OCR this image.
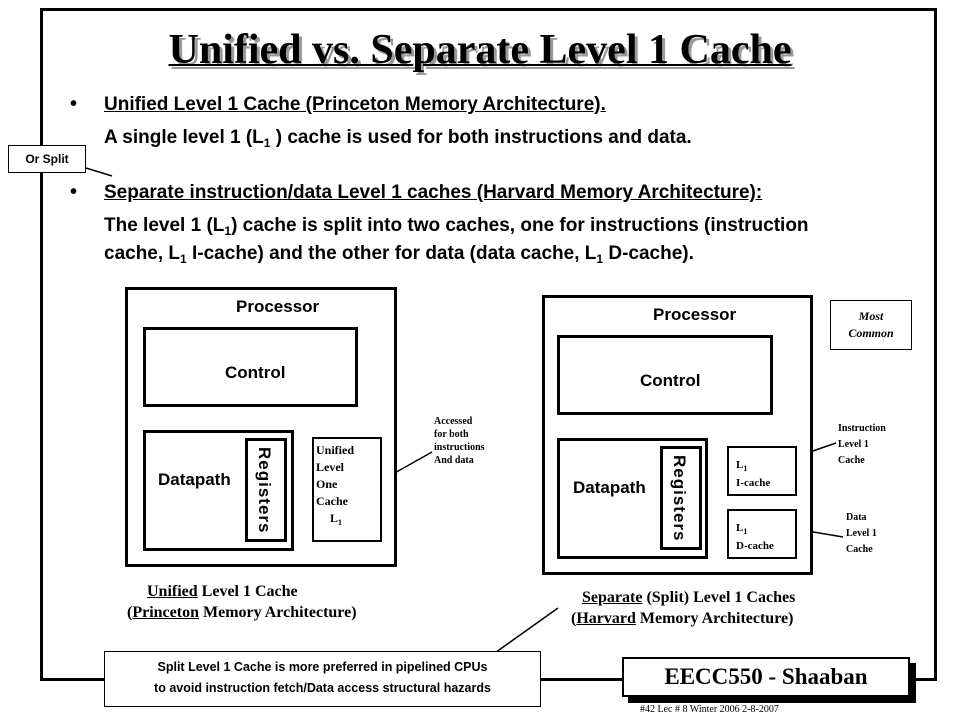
Unified vs. Separate Level 1 Cache
Or Split
• Unified Level 1 Cache (Princeton Memory Architecture).
A single level 1 ($L_1$ ) cache is used for both instructions and data.
• Separate instruction/data Level 1 caches (Harvard Memory Architecture):
The level 1 $(L_1)$ cache is split into two caches, one for instructions (instruction
cache, $L_1$ I-cache) and the other for data (data cache, $L_1$ D-cache).
Processor
Control
Datapath Registers	Unified
Level
One
Cache
$L_1$
Accessed
for both
instructions
And data
Unified Level 1 Cache
(Princeton Memory Architecture)
Processor
Control
Datapath Registers	$L_1$
I-cache
$L_1$
D-cache
Most
Common
Instruction
Level 1
Cache
Data
Level 1
Cache
Separate (Split) Level 1 Caches
(Harvard Memory Architecture)
Split Level 1 Cache is more preferred in pipelined CPUs
to avoid instruction fetch/Data access structural hazards	EECC550 - Shaaban
#42 Lec # 8 Winter 2006 2-8-2007
